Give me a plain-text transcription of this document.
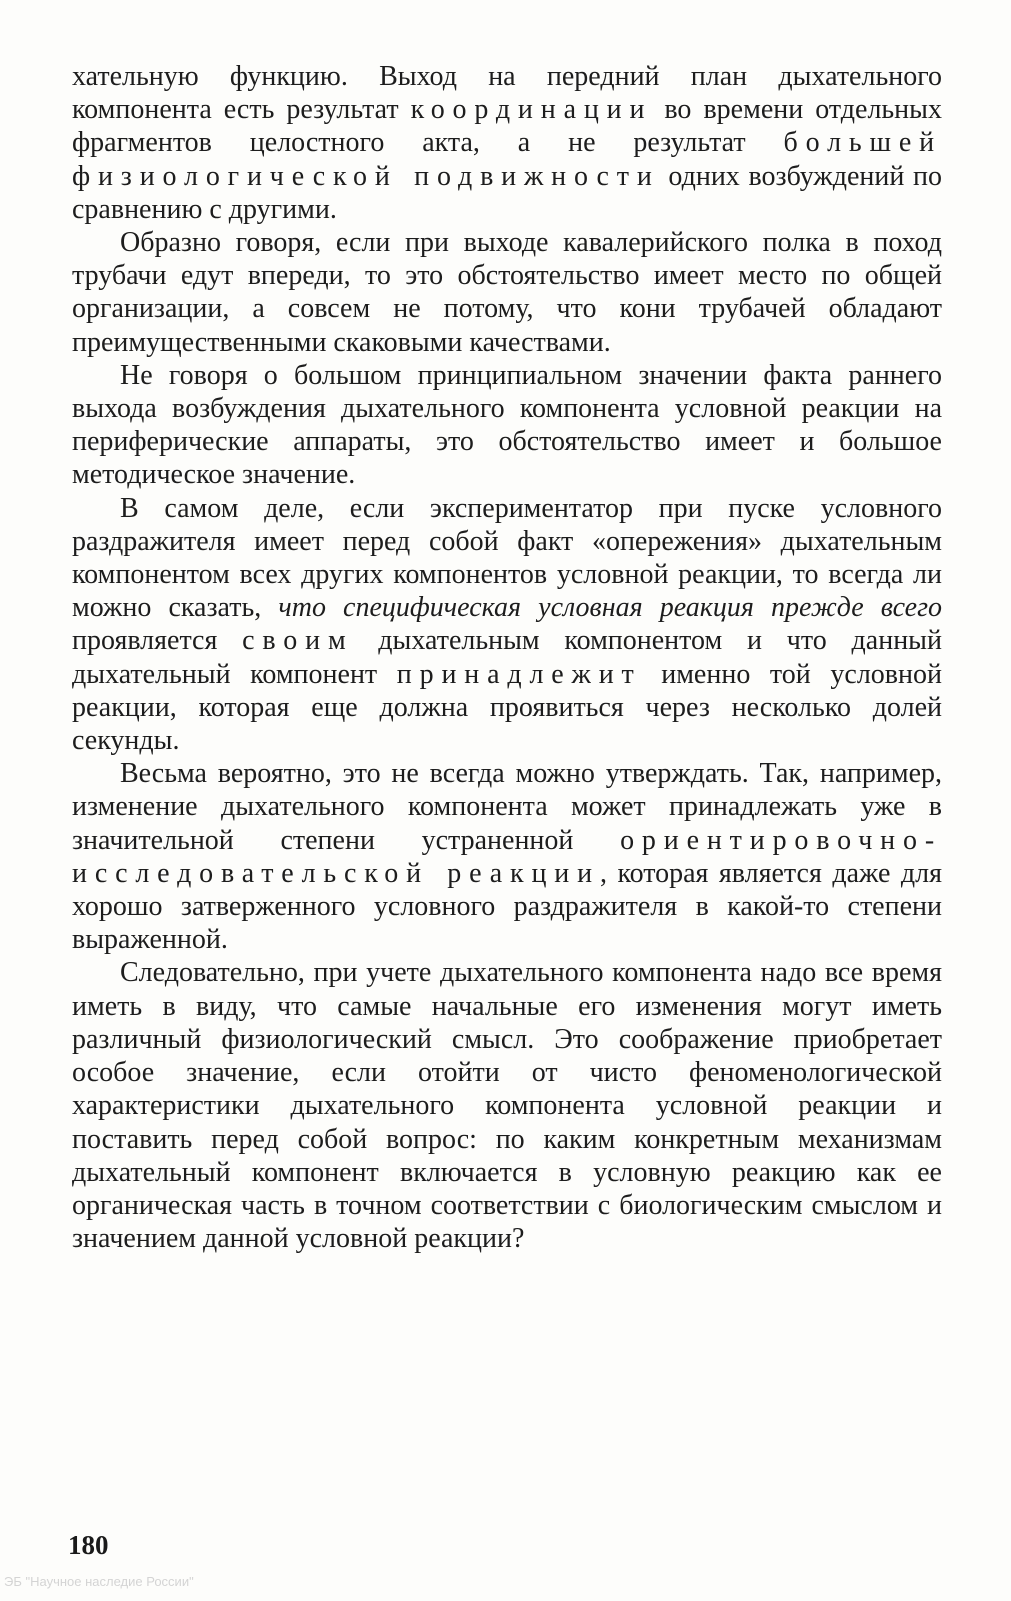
хательную функцию. Выход на передний план дыхательного компонента есть результат координации во времени отдельных фрагментов целостного акта, а не результат большей физиологической подвижности одних возбуждений по сравнению с другими.

Образно говоря, если при выходе кавалерийского полка в поход трубачи едут впереди, то это обстоятельство имеет место по общей организации, а совсем не потому, что кони трубачей обладают преимущественными скаковыми качествами.

Не говоря о большом принципиальном значении факта раннего выхода возбуждения дыхательного компонента условной реакции на периферические аппараты, это обстоятельство имеет и большое методическое значение.

В самом деле, если экспериментатор при пуске условного раздражителя имеет перед собой факт «опережения» дыхательным компонентом всех других компонентов условной реакции, то всегда ли можно сказать, что специфическая условная реакция прежде всего проявляется своим дыхательным компонентом и что данный дыхательный компонент принадлежит именно той условной реакции, которая еще должна проявиться через несколько долей секунды.

Весьма вероятно, это не всегда можно утверждать. Так, например, изменение дыхательного компонента может принадлежать уже в значительной степени устраненной ориентировочно-исследовательской реакции, которая является даже для хорошо затверженного условного раздражителя в какой-то степени выраженной.

Следовательно, при учете дыхательного компонента надо все время иметь в виду, что самые начальные его изменения могут иметь различный физиологический смысл. Это соображение приобретает особое значение, если отойти от чисто феноменологической характеристики дыхательного компонента условной реакции и поставить перед собой вопрос: по каким конкретным механизмам дыхательный компонент включается в условную реакцию как ее органическая часть в точном соответствии с биологическим смыслом и значением данной условной реакции?

180
ЭБ "Научное наследие России"
